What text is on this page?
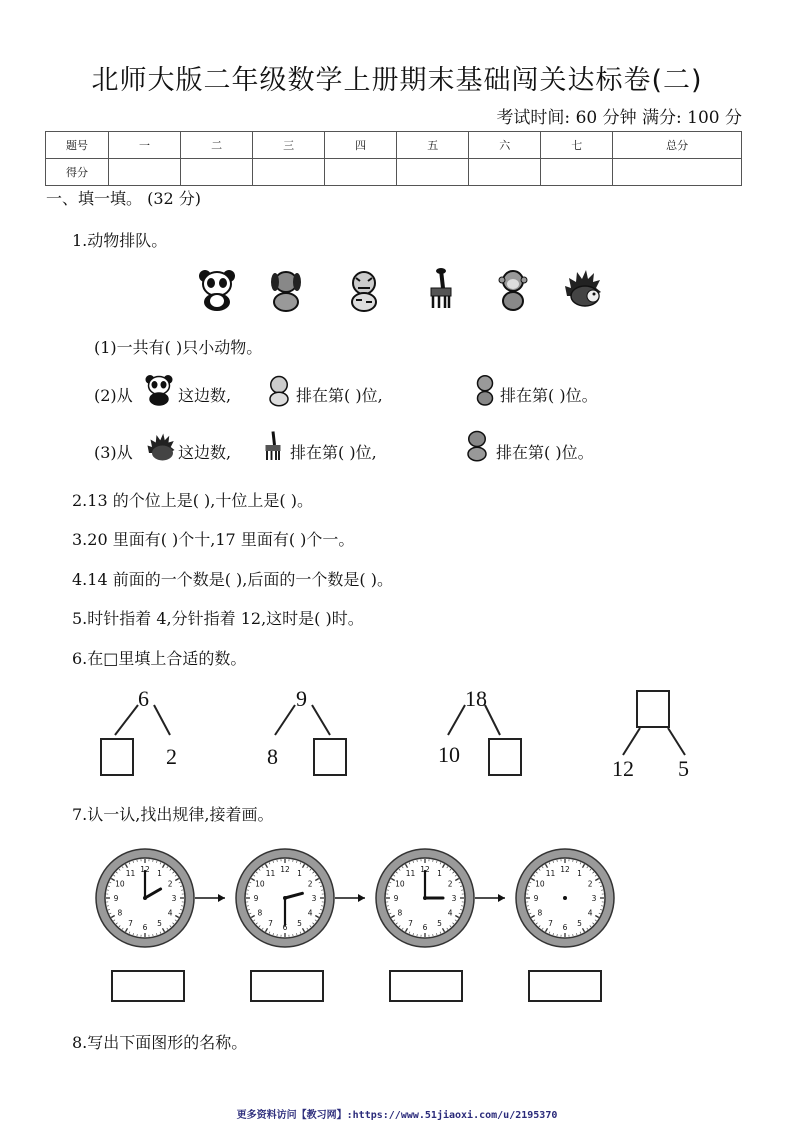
北师大版二年级数学上册期末基础闯关达标卷(二)
考试时间: 60 分钟 满分: 100 分
题号	一	二	三	四	五	六	七	总分
得分								
一、填一填。 (32 分)
1.动物排队。
(1)一共有( )只小动物。
(2)从	这边数,	排在第( )位,	排在第( )位。
(3)从	这边数,	排在第( )位,	排在第( )位。
2.13 的个位上是( ),十位上是( )。
3.20 里面有( )个十,17 里面有( )个一。
4.14 前面的一个数是( ),后面的一个数是( )。
5.时针指着 4,分针指着 12,这时是( )时。
6.在□里填上合适的数。
6
2
9
8
18
10
12 5
7.认一认,找出规律,接着画。
12 1
2
3
4
5
6
7
8
9
10
11	12 1
2
3
4
5
6
7
8
9
10
11	12 1
2
3
4
5
6
7
8
9
10
11	12 1
2
3
4
5
6
7
8
9
10
11
8.写出下面图形的名称。
更多资料访问【教习网】:https://www.51jiaoxi.com/u/2195370
